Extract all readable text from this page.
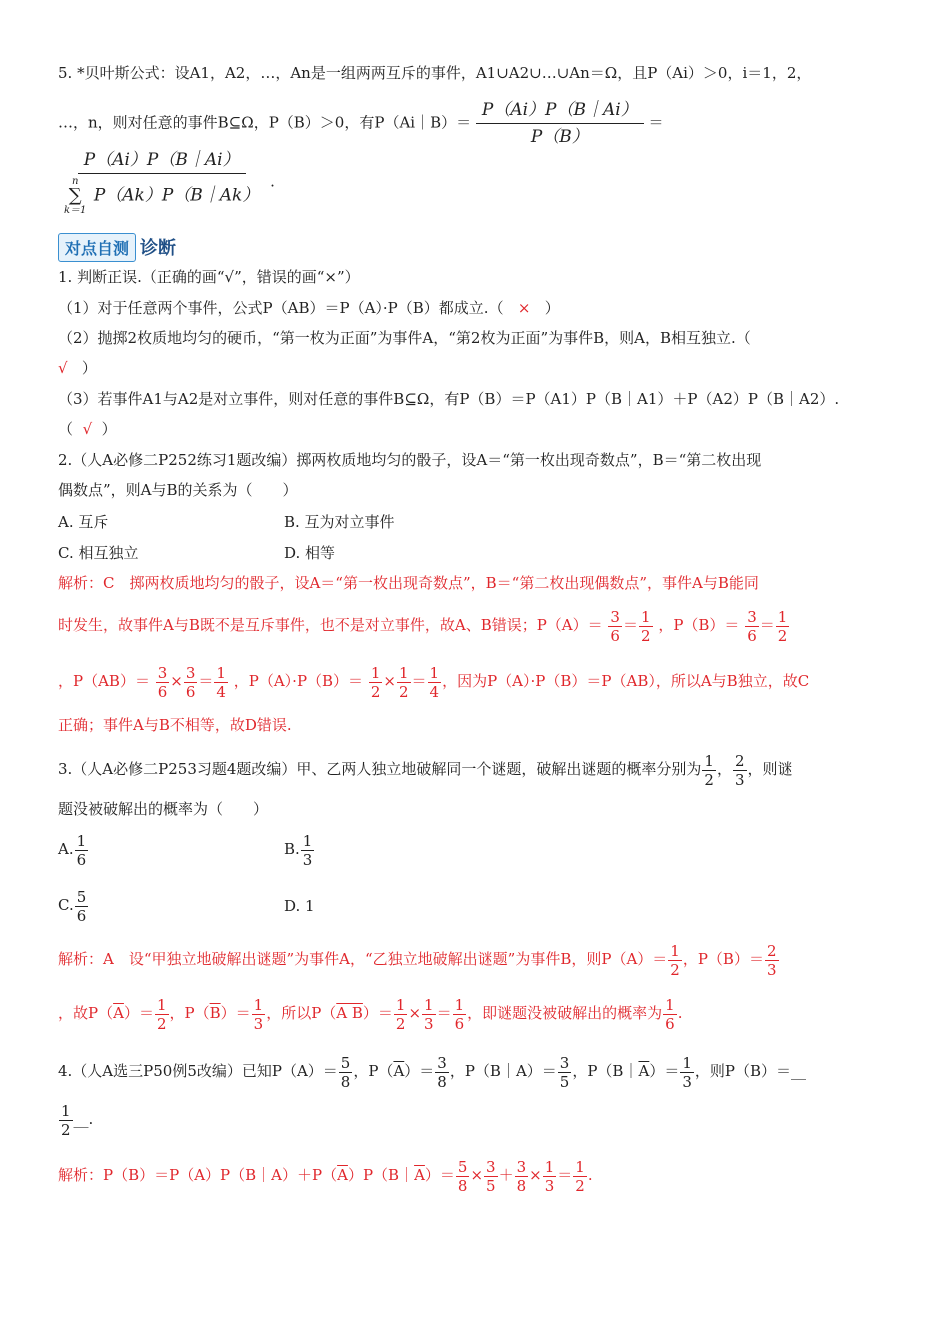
5. *贝叶斯公式：设A1，A2，…，An是一组两两互斥的事件，A1∪A2∪…∪An＝Ω，且P（Ai）＞0，i＝1，2，
…，n，则对任意的事件B⊆Ω，P（B）＞0，有P（Ai｜B）＝ $\frac{P(Ai)P(B|Ai)}{P(B)}$ ＝
P（Ai）P（B｜Ai）
n
∑
k＝1
P（Ak）P（B｜Ak） .
对点自测 诊断
1. 判断正误.（正确的画“√”，错误的画“×”）
（1）对于任意两个事件，公式P（AB）＝P（A）·P（B）都成立.（ × ）
（2）抛掷2枚质地均匀的硬币，“第一枚为正面”为事件A，“第2枚为正面”为事件B，则A，B相互独立.（
√ ）
（3）若事件A1与A2是对立事件，则对任意的事件B⊆Ω，有P（B）＝P（A1）P（B｜A1）＋P（A2）P（B｜A2）.
（ √ ）
2.（人A必修二P252练习1题改编）掷两枚质地均匀的骰子，设A＝“第一枚出现奇数点”，B＝“第二枚出现
偶数点”，则A与B的关系为（　　）
A. 互斥	B. 互为对立事件
C. 相互独立	D. 相等
解析：C　掷两枚质地均匀的骰子，设A＝“第一枚出现奇数点”，B＝“第二枚出现偶数点”，事件A与B能同
时发生，故事件A与B既不是互斥事件，也不是对立事件，故A、B错误；$P(A)= \frac{3}{6} = \frac{1}{2}$ ，$P(B)= \frac{3}{6} = \frac{1}{2}$
，$P(AB)= \frac{3}{6} \times \frac{3}{6} = \frac{1}{4}$ ，$P(A)\cdot P(B)= \frac{1}{2} \times \frac{1}{2} = \frac{1}{4}$ ，因为P（A）·P（B）＝P（AB），所以A与B独立，故C
正确；事件A与B不相等，故D错误.
3.（人A必修二P253习题4题改编）甲、乙两人独立地破解同一个谜题，破解出谜题的概率分别为 $\frac{1}{2}$ ， $\frac{2}{3}$ ，则谜
题没被破解出的概率为（　　）
A. $\frac{1}{6}$	B. $\frac{1}{3}$
C. $\frac{5}{6}$	D. 1
解析：A　设“甲独立地破解出谜题”为事件A，“乙独立地破解出谜题”为事件B，则$P(A)= \frac{1}{2}$ ，$P(B)= \frac{2}{3}$
，故$P(\overline{A})= \frac{1}{2}$ ，$P(\overline{B})= \frac{1}{3}$ ，所以P（A $B)= \frac{1}{2} \times \frac{1}{3} = \frac{1}{6}$ ，即谜题没被破解出的概率为 $\frac{1}{6}$ .
4.（人A选三P50例5改编）已知$P(A)= \frac{5}{8}$ ，$P(\overline{A})= \frac{3}{8}$ ，P（B｜A）＝ $\frac{3}{5}$ ，$P(B|\overline{A})= \frac{1}{3}$ ，则P（B）＝__
$\frac{1}{2}$ __.
解析：$P(B)=P(A)P(B|A)+P(\overline{A})P(B|\overline{A})= \frac{5}{8} \times \frac{3}{5} + \frac{3}{8} \times \frac{1}{3} = \frac{1}{2}$ .
